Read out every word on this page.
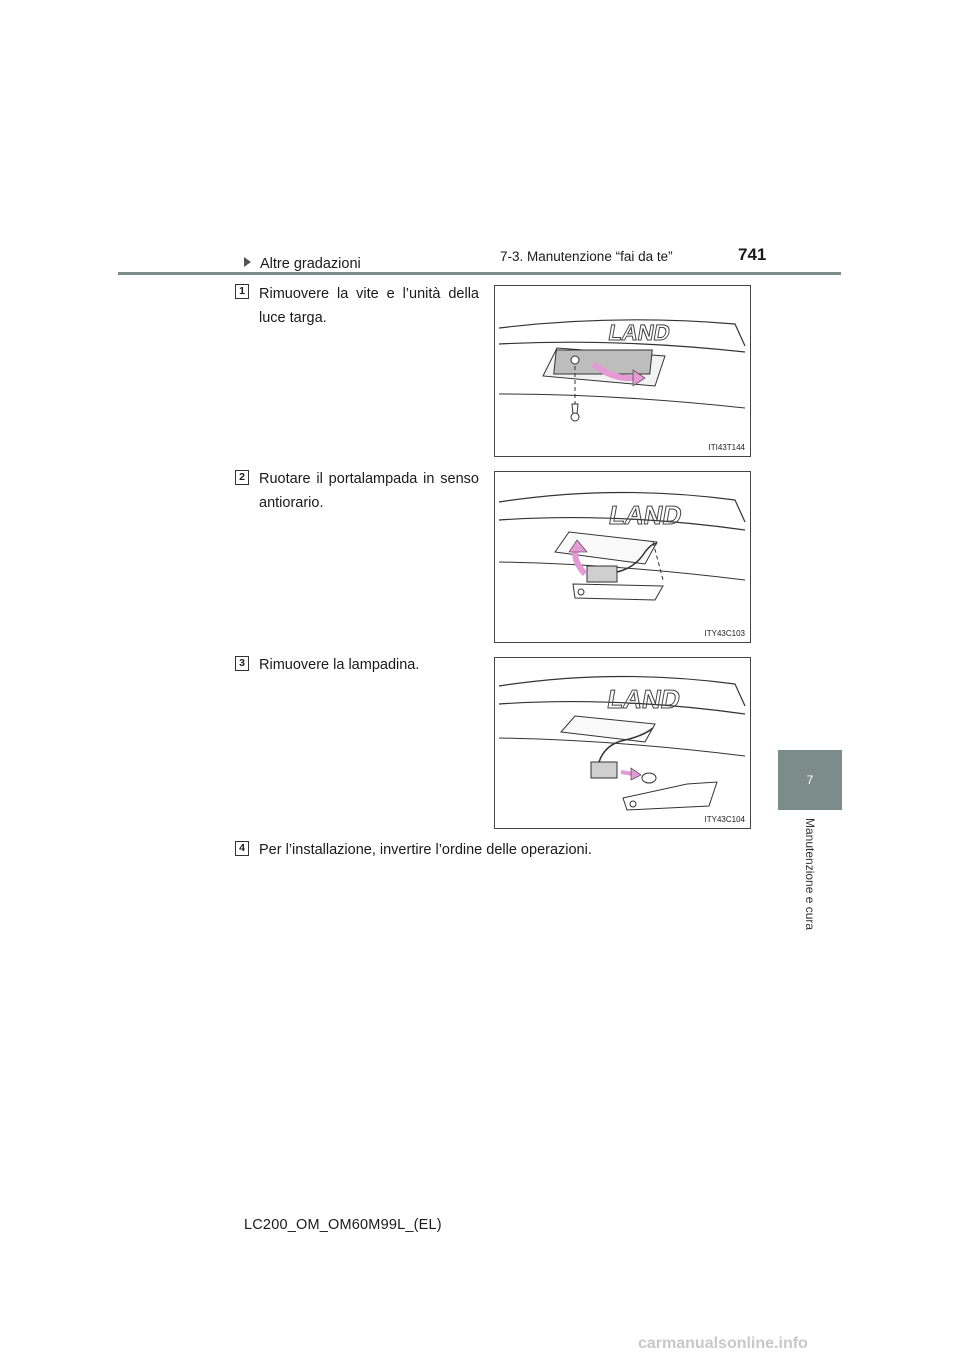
7-3. Manutenzione “fai da te”	741
7
Manutenzione e cura
Altre gradazioni
1 Rimuovere la vite e l’unità della luce targa.
LAND
ITI43T144
2 Ruotare il portalampada in senso antiorario.	LAND
ITY43C103
3 Rimuovere la lampadina.
LAND
ITY43C104
4 Per l’installazione, invertire l’ordine delle operazioni.
LC200_OM_OM60M99L_(EL)
carmanualsonline.info
